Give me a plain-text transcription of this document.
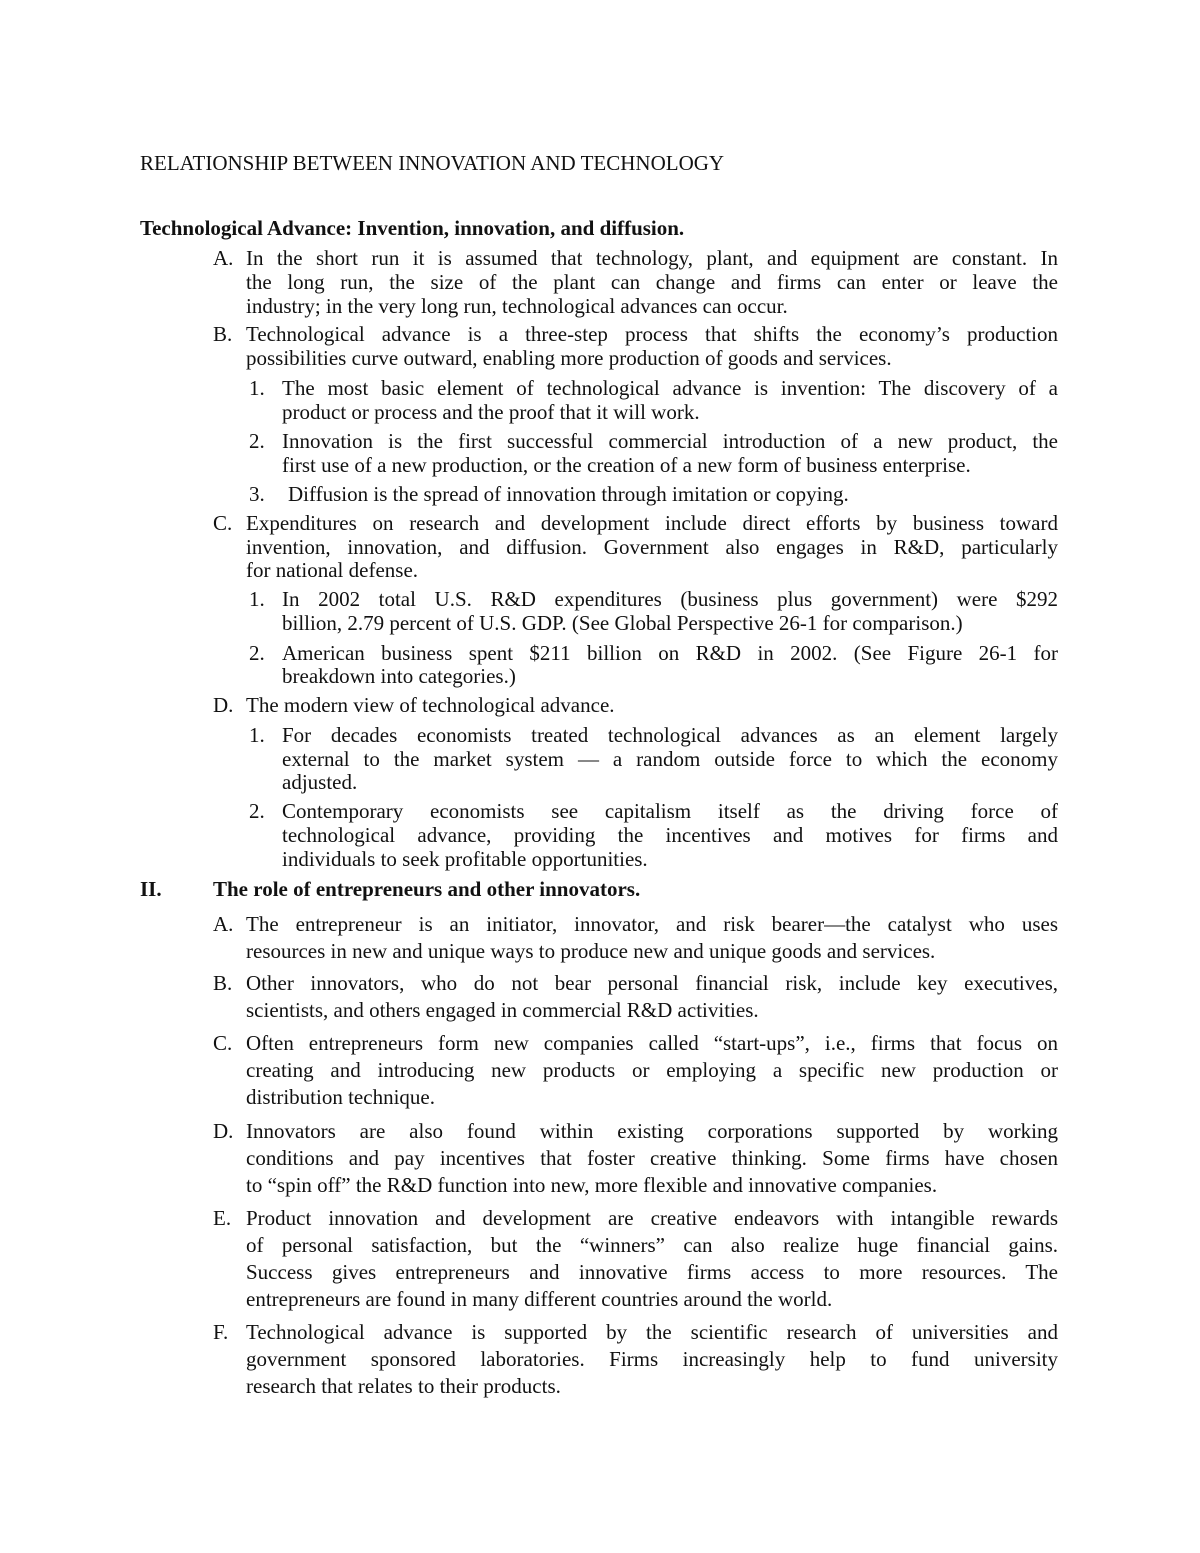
RELATIONSHIP BETWEEN INNOVATION AND TECHNOLOGY
Technological Advance: Invention, innovation, and diffusion.
A. In the short run it is assumed that technology, plant, and equipment are constant. In
the long run, the size of the plant can change and firms can enter or leave the
industry; in the very long run, technological advances can occur.
B. Technological advance is a three-step process that shifts the economy’s production
possibilities curve outward, enabling more production of goods and services.
1. The most basic element of technological advance is invention: The discovery of a
product or process and the proof that it will work.
2. Innovation is the first successful commercial introduction of a new product, the
first use of a new production, or the creation of a new form of business enterprise.
3. Diffusion is the spread of innovation through imitation or copying.
C. Expenditures on research and development include direct efforts by business toward
invention, innovation, and diffusion. Government also engages in R&D, particularly
for national defense.
1. In 2002 total U.S. R&D expenditures (business plus government) were $292
billion, 2.79 percent of U.S. GDP. (See Global Perspective 26-1 for comparison.)
2. American business spent $211 billion on R&D in 2002. (See Figure 26-1 for
breakdown into categories.)
D. The modern view of technological advance.
1. For decades economists treated technological advances as an element largely
external to the market system — a random outside force to which the economy
adjusted.
2. Contemporary economists see capitalism itself as the driving force of
technological advance, providing the incentives and motives for firms and
individuals to seek profitable opportunities.
II. The role of entrepreneurs and other innovators.
A. The entrepreneur is an initiator, innovator, and risk bearer—the catalyst who uses
resources in new and unique ways to produce new and unique goods and services.
B. Other innovators, who do not bear personal financial risk, include key executives,
scientists, and others engaged in commercial R&D activities.
C. Often entrepreneurs form new companies called “start-ups”, i.e., firms that focus on
creating and introducing new products or employing a specific new production or
distribution technique.
D. Innovators are also found within existing corporations supported by working
conditions and pay incentives that foster creative thinking. Some firms have chosen
to “spin off” the R&D function into new, more flexible and innovative companies.
E. Product innovation and development are creative endeavors with intangible rewards
of personal satisfaction, but the “winners” can also realize huge financial gains.
Success gives entrepreneurs and innovative firms access to more resources. The
entrepreneurs are found in many different countries around the world.
F. Technological advance is supported by the scientific research of universities and
government sponsored laboratories. Firms increasingly help to fund university
research that relates to their products.
